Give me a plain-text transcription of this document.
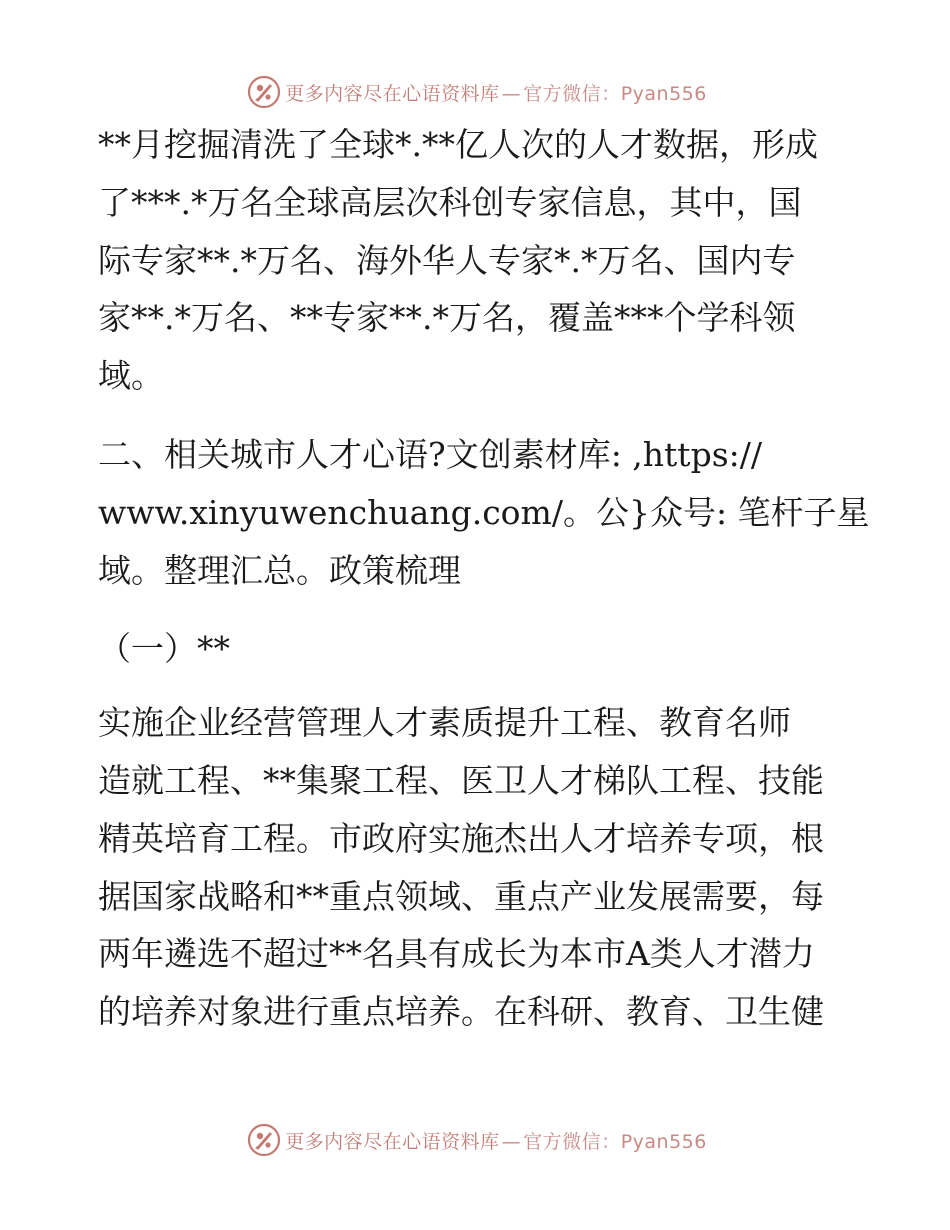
更多内容尽在心语资料库 — 官方微信：Pyan556
**月挖掘清洗了全球*.**亿人次的人才数据，形成
了***.*万名全球高层次科创专家信息，其中，国
际专家**.*万名、海外华人专家*.*万名、国内专
家**.*万名、**专家**.*万名，覆盖***个学科领
域。
二、相关城市人才心语?文创素材库: ,https://
www.xinyuwenchuang.com/。公}众号: 笔杆子星
域。整理汇总。政策梳理
（一）**
实施企业经营管理人才素质提升工程、教育名师
造就工程、**集聚工程、医卫人才梯队工程、技能
精英培育工程。市政府实施杰出人才培养专项，根
据国家战略和**重点领域、重点产业发展需要，每
两年遴选不超过**名具有成长为本市A类人才潜力
的培养对象进行重点培养。在科研、教育、卫生健
更多内容尽在心语资料库 — 官方微信：Pyan556
